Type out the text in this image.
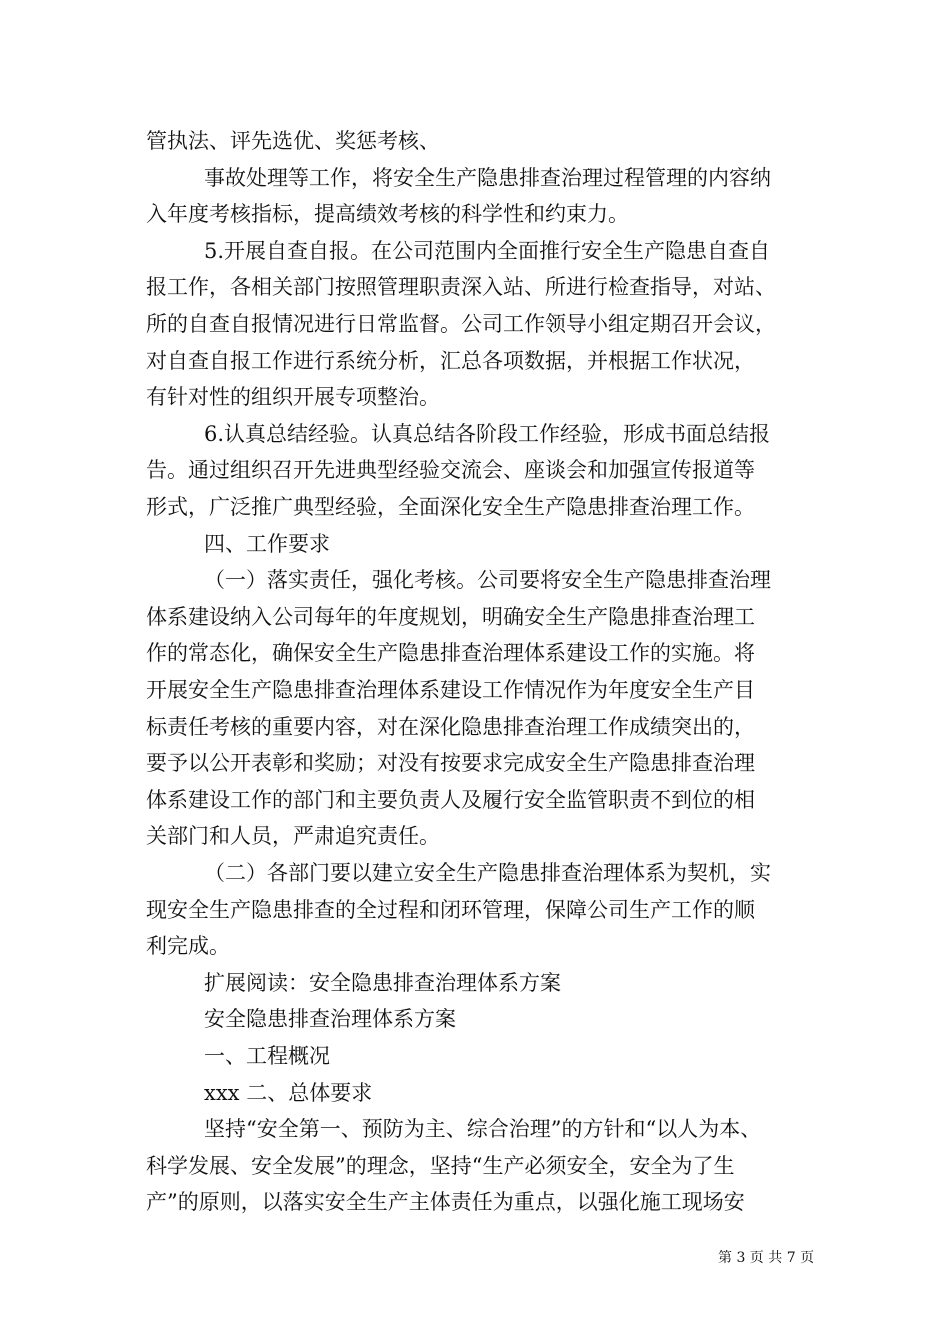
管执法、评先选优、奖惩考核、
事故处理等工作，将安全生产隐患排查治理过程管理的内容纳
入年度考核指标，提高绩效考核的科学性和约束力。
5.开展自查自报。在公司范围内全面推行安全生产隐患自查自
报工作，各相关部门按照管理职责深入站、所进行检查指导，对站、
所的自查自报情况进行日常监督。公司工作领导小组定期召开会议，
对自查自报工作进行系统分析，汇总各项数据，并根据工作状况，
有针对性的组织开展专项整治。
6.认真总结经验。认真总结各阶段工作经验，形成书面总结报
告。通过组织召开先进典型经验交流会、座谈会和加强宣传报道等
形式，广泛推广典型经验，全面深化安全生产隐患排查治理工作。
四、工作要求
（一）落实责任，强化考核。公司要将安全生产隐患排查治理
体系建设纳入公司每年的年度规划，明确安全生产隐患排查治理工
作的常态化，确保安全生产隐患排查治理体系建设工作的实施。将
开展安全生产隐患排查治理体系建设工作情况作为年度安全生产目
标责任考核的重要内容，对在深化隐患排查治理工作成绩突出的，
要予以公开表彰和奖励；对没有按要求完成安全生产隐患排查治理
体系建设工作的部门和主要负责人及履行安全监管职责不到位的相
关部门和人员，严肃追究责任。
（二）各部门要以建立安全生产隐患排查治理体系为契机，实
现安全生产隐患排查的全过程和闭环管理，保障公司生产工作的顺
利完成。
扩展阅读：安全隐患排查治理体系方案
安全隐患排查治理体系方案
一、工程概况
xxx 二、总体要求
坚持“安全第一、预防为主、综合治理”的方针和“以人为本、
科学发展、安全发展”的理念，坚持“生产必须安全，安全为了生
产”的原则，以落实安全生产主体责任为重点，以强化施工现场安
第 3 页 共 7 页
